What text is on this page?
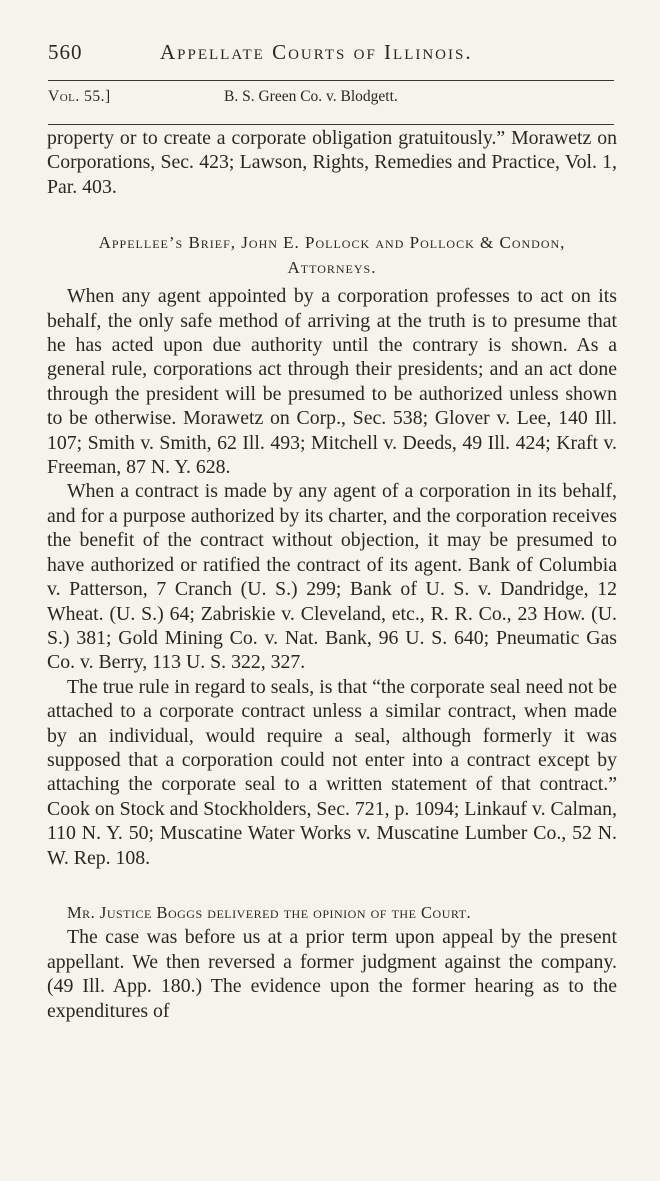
560	Appellate Courts of Illinois.
Vol. 55.]	B. S. Green Co. v. Blodgett.

property or to create a corporate obligation gratuitously.” Morawetz on Corporations, Sec. 423; Lawson, Rights, Remedies and Practice, Vol. 1, Par. 403.

Appellee’s Brief, John E. Pollock and Pollock & Condon, Attorneys.

When any agent appointed by a corporation professes to act on its behalf, the only safe method of arriving at the truth is to presume that he has acted upon due authority until the contrary is shown. As a general rule, corporations act through their presidents; and an act done through the president will be presumed to be authorized unless shown to be otherwise. Morawetz on Corp., Sec. 538; Glover v. Lee, 140 Ill. 107; Smith v. Smith, 62 Ill. 493; Mitchell v. Deeds, 49 Ill. 424; Kraft v. Freeman, 87 N. Y. 628.

When a contract is made by any agent of a corporation in its behalf, and for a purpose authorized by its charter, and the corporation receives the benefit of the contract without objection, it may be presumed to have authorized or ratified the contract of its agent. Bank of Columbia v. Patterson, 7 Cranch (U. S.) 299; Bank of U. S. v. Dandridge, 12 Wheat. (U. S.) 64; Zabriskie v. Cleveland, etc., R. R. Co., 23 How. (U. S.) 381; Gold Mining Co. v. Nat. Bank, 96 U. S. 640; Pneumatic Gas Co. v. Berry, 113 U. S. 322, 327.

The true rule in regard to seals, is that “the corporate seal need not be attached to a corporate contract unless a similar contract, when made by an individual, would require a seal, although formerly it was supposed that a corporation could not enter into a contract except by attaching the corporate seal to a written statement of that contract.” Cook on Stock and Stockholders, Sec. 721, p. 1094; Linkauf v. Calman, 110 N. Y. 50; Muscatine Water Works v. Muscatine Lumber Co., 52 N. W. Rep. 108.

Mr. Justice Boggs delivered the opinion of the Court.

The case was before us at a prior term upon appeal by the present appellant. We then reversed a former judgment against the company. (49 Ill. App. 180.) The evidence upon the former hearing as to the expenditures of
